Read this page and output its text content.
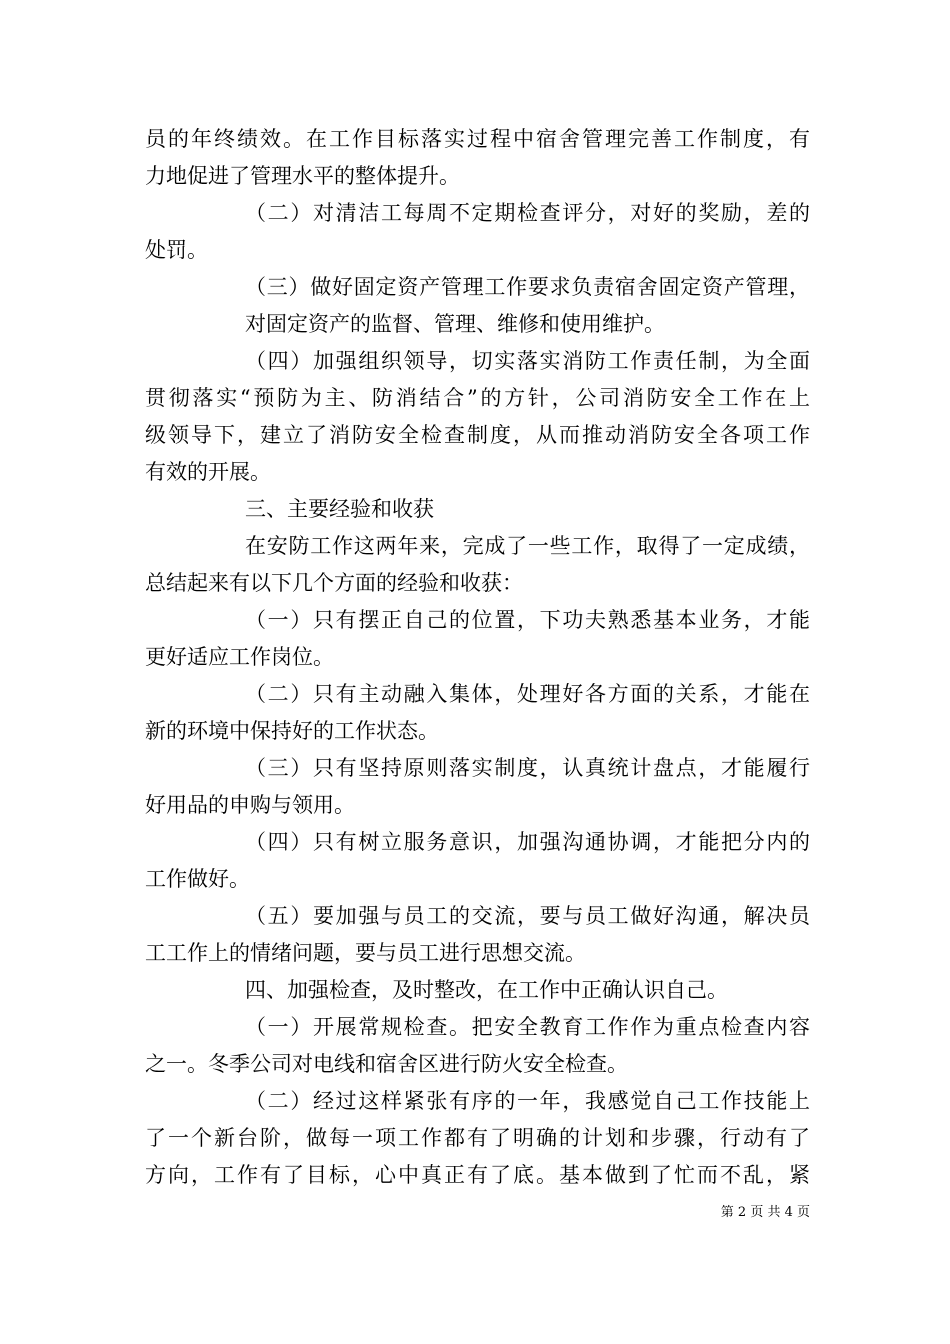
员的年终绩效。在工作目标落实过程中宿舍管理完善工作制度，有
力地促进了管理水平的整体提升。
（二）对清洁工每周不定期检查评分，对好的奖励，差的
处罚。
（三）做好固定资产管理工作要求负责宿舍固定资产管理，
对固定资产的监督、管理、维修和使用维护。
（四）加强组织领导，切实落实消防工作责任制，为全面
贯彻落实“预防为主、防消结合”的方针，公司消防安全工作在上
级领导下，建立了消防安全检查制度，从而推动消防安全各项工作
有效的开展。
三、主要经验和收获
在安防工作这两年来，完成了一些工作，取得了一定成绩，
总结起来有以下几个方面的经验和收获：
（一）只有摆正自己的位置，下功夫熟悉基本业务，才能
更好适应工作岗位。
（二）只有主动融入集体，处理好各方面的关系，才能在
新的环境中保持好的工作状态。
（三）只有坚持原则落实制度，认真统计盘点，才能履行
好用品的申购与领用。
（四）只有树立服务意识，加强沟通协调，才能把分内的
工作做好。
（五）要加强与员工的交流，要与员工做好沟通，解决员
工工作上的情绪问题，要与员工进行思想交流。
四、加强检查，及时整改，在工作中正确认识自己。
（一）开展常规检查。把安全教育工作作为重点检查内容
之一。冬季公司对电线和宿舍区进行防火安全检查。
（二）经过这样紧张有序的一年，我感觉自己工作技能上
了一个新台阶，做每一项工作都有了明确的计划和步骤，行动有了
方向，工作有了目标，心中真正有了底。基本做到了忙而不乱，紧
第 2 页 共 4 页
